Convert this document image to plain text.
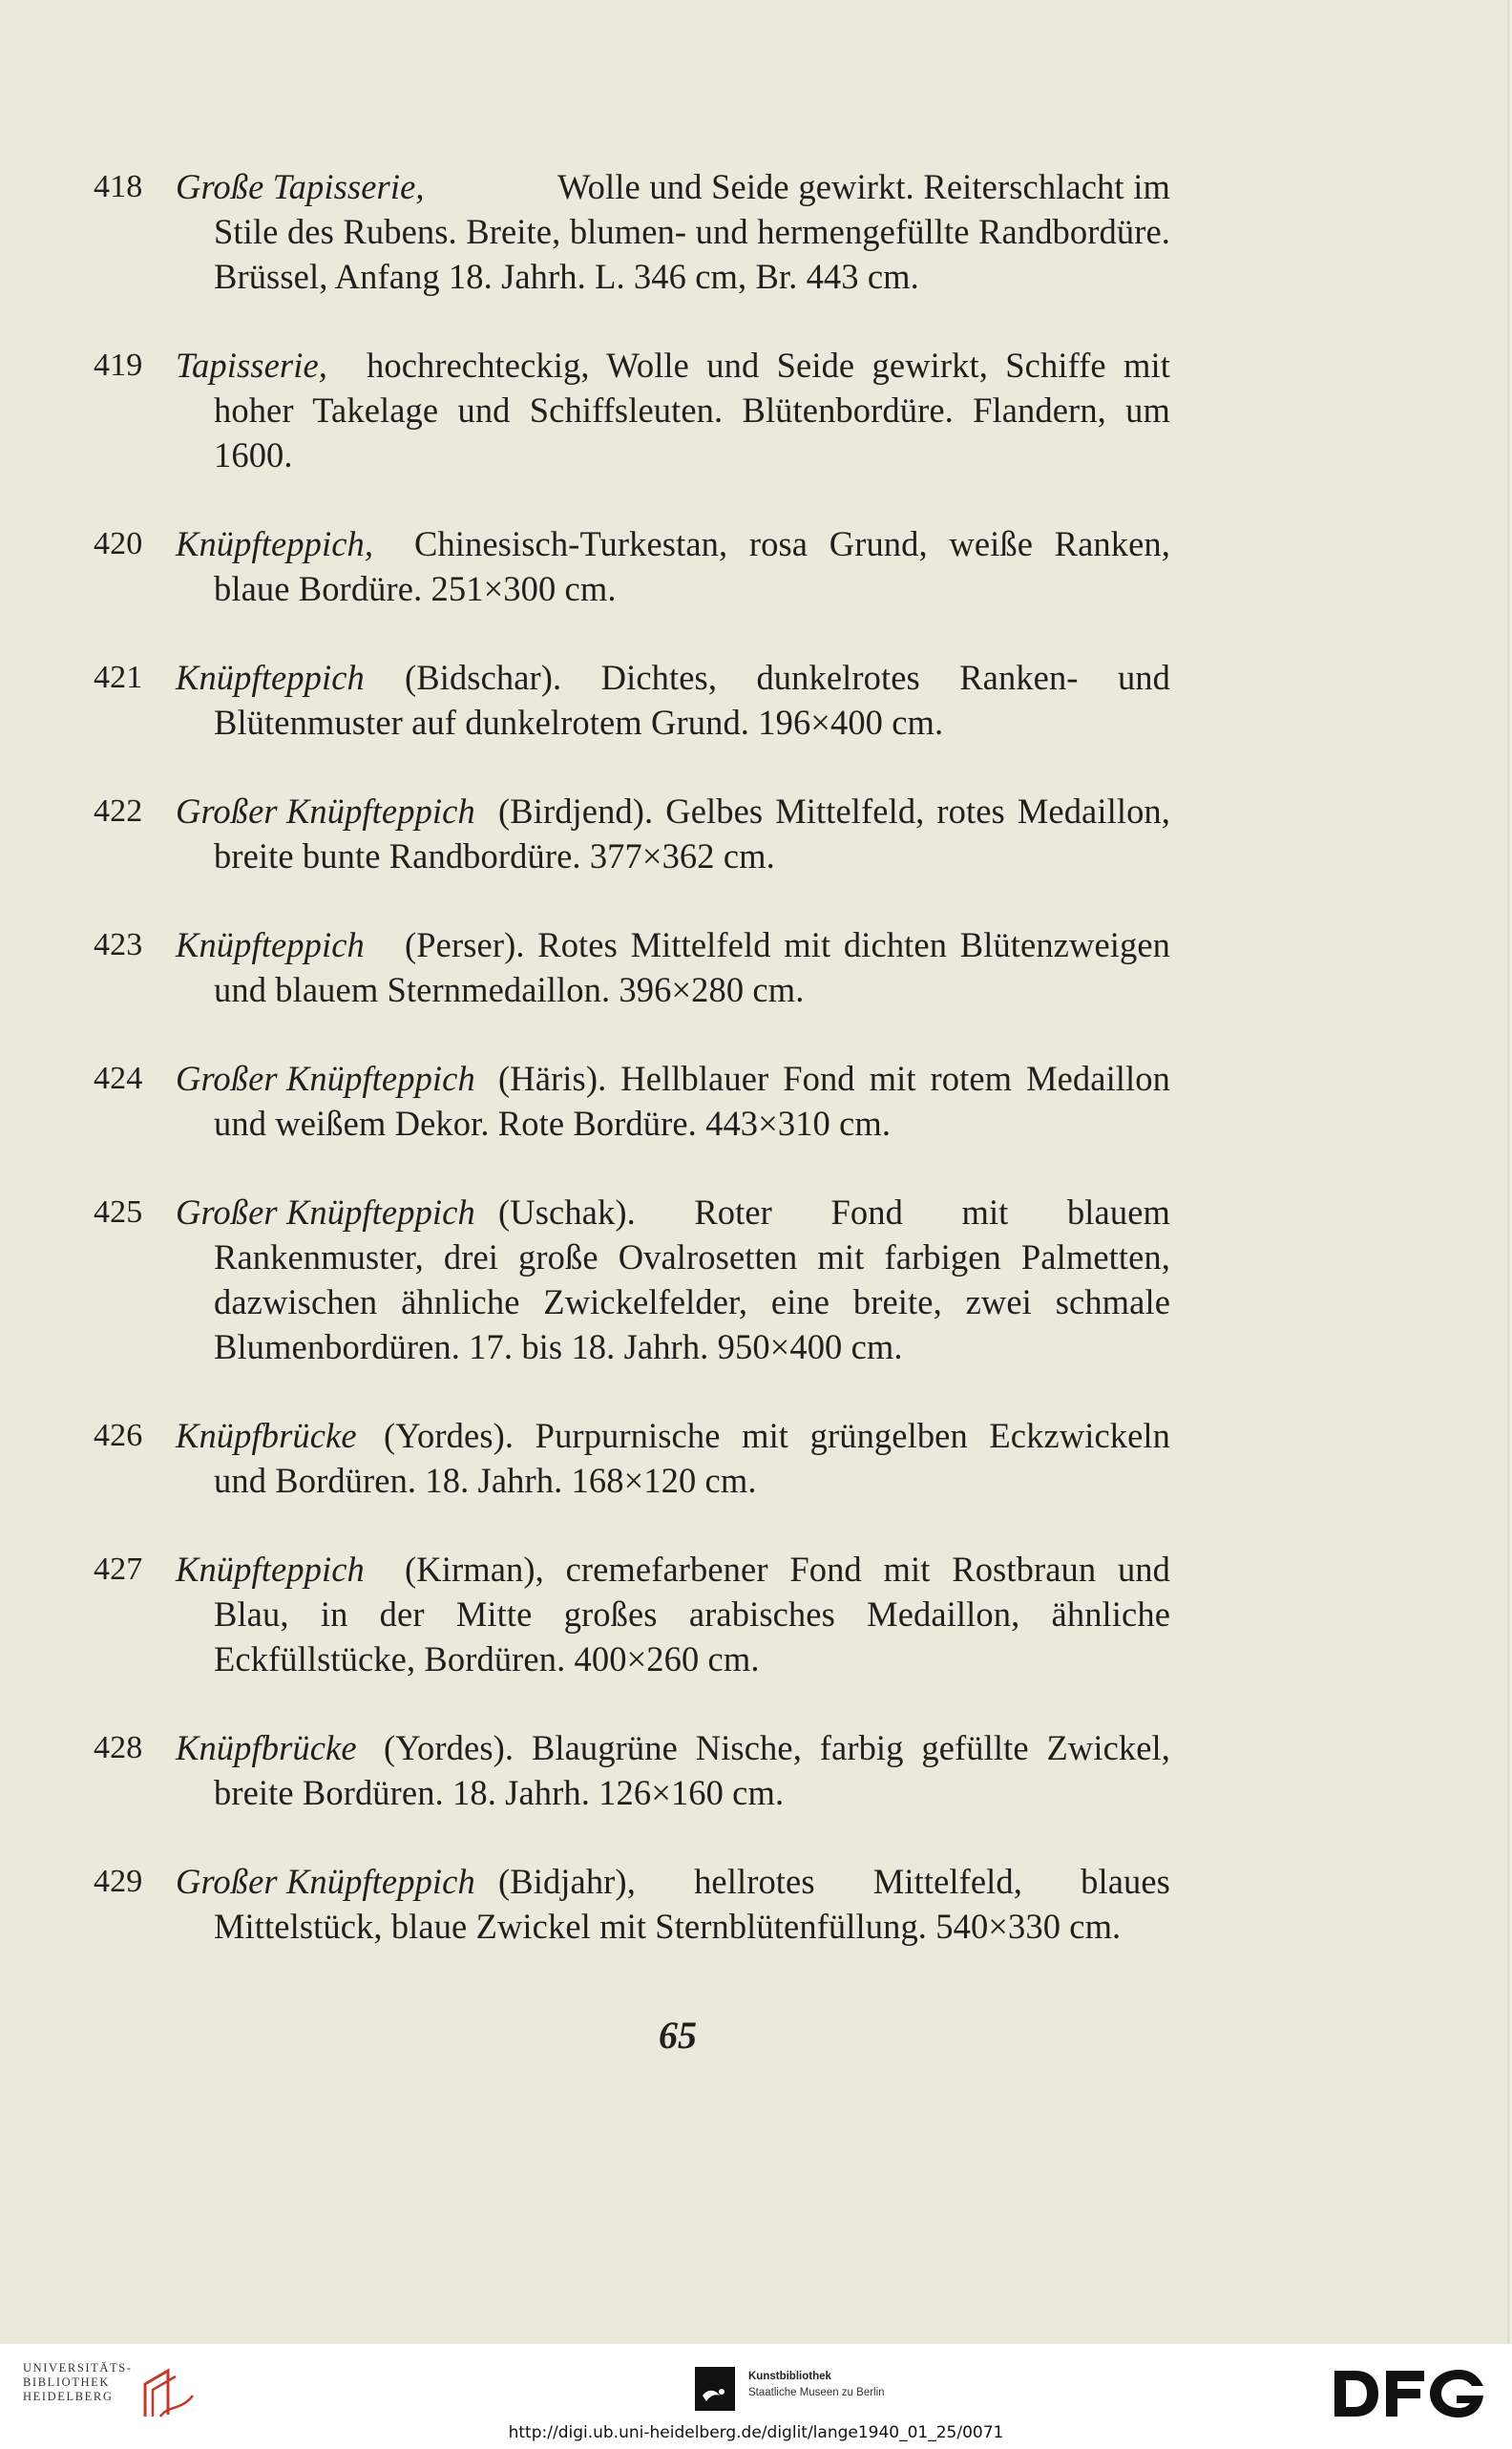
418 Große Tapisserie,	Wolle und Seide gewirkt. Reiterschlacht im Stile des Rubens. Breite, blumen- und hermengefüllte Randbordüre. Brüssel, Anfang 18. Jahrh. L. 346 cm, Br. 443 cm.
419 Tapisserie,	hochrechteckig, Wolle und Seide gewirkt, Schiffe mit hoher Takelage und Schiffsleuten. Blütenbordüre. Flandern, um 1600.
420 Knüpfteppich,	Chinesisch-Turkestan, rosa Grund, weiße Ranken, blaue Bordüre. 251×300 cm.
421 Knüpfteppich	(Bidschar). Dichtes, dunkelrotes Ranken- und Blütenmuster auf dunkelrotem Grund. 196×400 cm.
422 Großer Knüpfteppich (Birdjend). Gelbes Mittelfeld, rotes Medaillon, breite bunte Randbordüre. 377×362 cm.
423 Knüpfteppich	(Perser). Rotes Mittelfeld mit dichten Blütenzweigen und blauem Sternmedaillon. 396×280 cm.
424 Großer Knüpfteppich (Häris). Hellblauer Fond mit rotem Medaillon und weißem Dekor. Rote Bordüre. 443×310 cm.
425 Großer Knüpfteppich (Uschak). Roter Fond mit blauem Rankenmuster, drei große Ovalrosetten mit farbigen Palmetten, dazwischen ähnliche Zwickelfelder, eine breite, zwei schmale Blumenbordüren. 17. bis 18. Jahrh. 950×400 cm.
426 Knüpfbrücke (Yordes). Purpurnische mit grüngelben Eckzwickeln und Bordüren. 18. Jahrh. 168×120 cm.
427 Knüpfteppich	(Kirman), cremefarbener Fond mit Rostbraun und Blau, in der Mitte großes arabisches Medaillon, ähnliche Eckfüllstücke, Bordüren. 400×260 cm.
428 Knüpfbrücke (Yordes). Blaugrüne Nische, farbig gefüllte Zwickel, breite Bordüren. 18. Jahrh. 126×160 cm.
429 Großer Knüpfteppich (Bidjahr), hellrotes Mittelfeld, blaues Mittelstück, blaue Zwickel mit Sternblütenfüllung. 540×330 cm.
65
UNIVERSITÄTS-
BIBLIOTHEK
HEIDELBERG
Kunstbibliothek
Staatliche Museen zu Berlin
http://digi.ub.uni-heidelberg.de/diglit/lange1940_01_25/0071
